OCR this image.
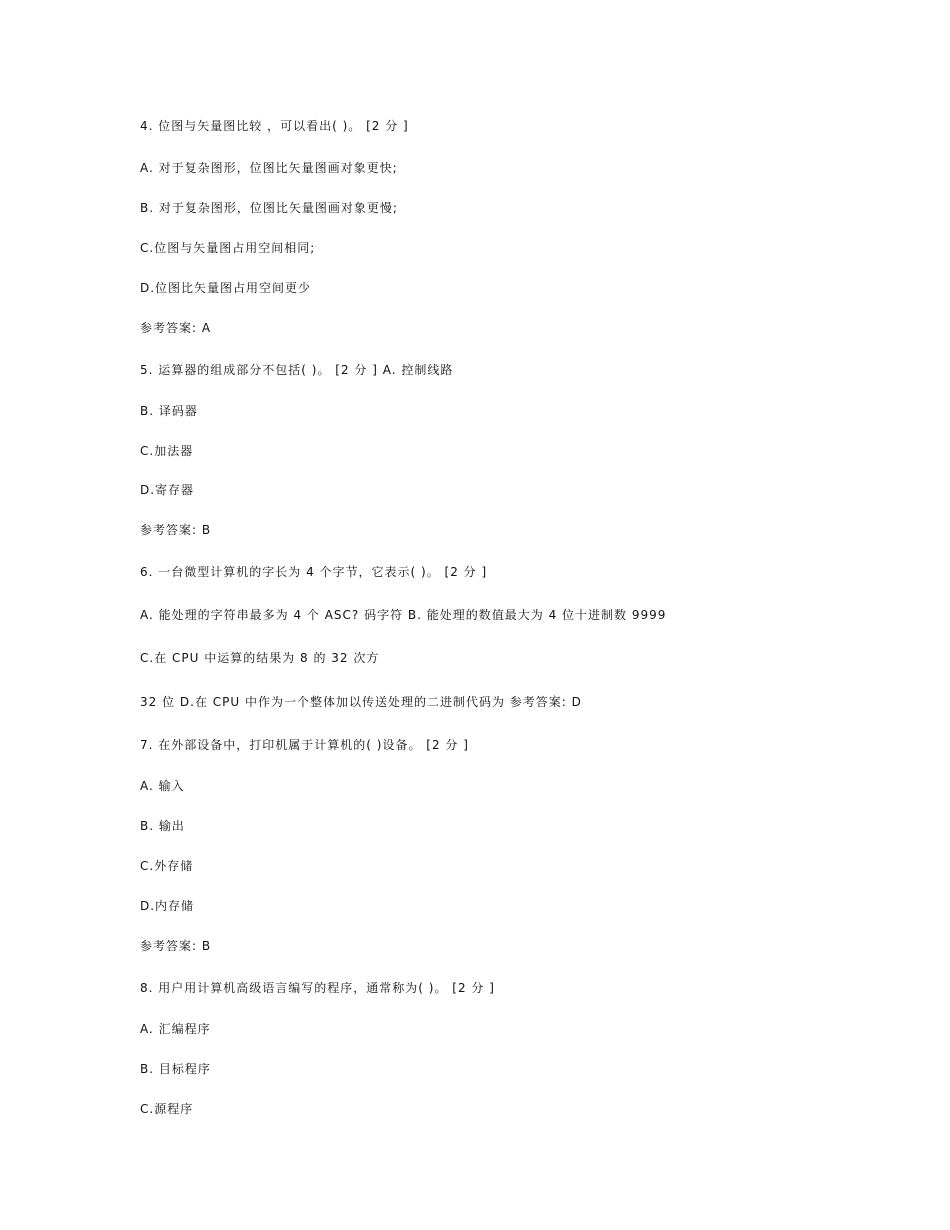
4. 位图与矢量图比较 ，可以看出( )。 [2 分 ]
A. 对于复杂图形，位图比矢量图画对象更快;
B. 对于复杂图形，位图比矢量图画对象更慢;
C.位图与矢量图占用空间相同;
D.位图比矢量图占用空间更少
参考答案: A
5. 运算器的组成部分不包括( )。 [2 分 ] A. 控制线路
B. 译码器
C.加法器
D.寄存器
参考答案: B
6. 一台微型计算机的字长为 4 个字节，它表示( )。 [2 分 ]
A. 能处理的字符串最多为 4 个 ASC? 码字符 B. 能处理的数值最大为 4 位十进制数 9999
C.在 CPU 中运算的结果为 8 的 32 次方
32 位 D.在 CPU 中作为一个整体加以传送处理的二进制代码为 参考答案: D
7. 在外部设备中，打印机属于计算机的( )设备。 [2 分 ]
A. 输入
B. 输出
C.外存储
D.内存储
参考答案: B
8. 用户用计算机高级语言编写的程序，通常称为( )。 [2 分 ]
A. 汇编程序
B. 目标程序
C.源程序
